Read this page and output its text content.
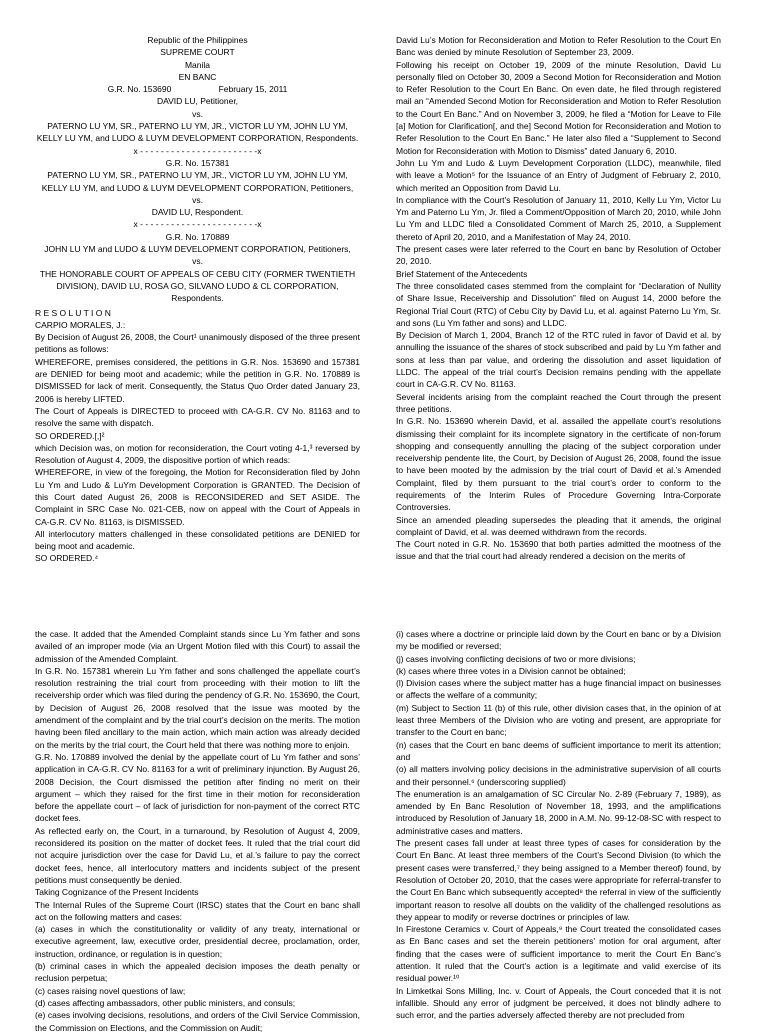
Republic of the Philippines

SUPREME COURT

Manila

EN BANC

G.R. No. 153690                    February 15, 2011

DAVID LU, Petitioner,

vs.

PATERNO LU YM, SR., PATERNO LU YM, JR., VICTOR LU YM, JOHN LU YM, KELLY LU YM, and LUDO & LUYM DEVELOPMENT CORPORATION, Respondents.

x - - - - - - - - - - - - - - - - - - - - - - -x

G.R. No. 157381

PATERNO LU YM, SR., PATERNO LU YM, JR., VICTOR LU YM, JOHN LU YM, KELLY LU YM, and LUDO & LUYM DEVELOPMENT CORPORATION, Petitioners,

vs.

DAVID LU, Respondent.

x - - - - - - - - - - - - - - - - - - - - - - -x

G.R. No. 170889

JOHN LU YM and LUDO & LUYM DEVELOPMENT CORPORATION, Petitioners,

vs.

THE HONORABLE COURT OF APPEALS OF CEBU CITY (FORMER TWENTIETH DIVISION), DAVID LU, ROSA GO, SILVANO LUDO & CL CORPORATION, Respondents.

R E S O L U T I O N

CARPIO MORALES, J.:

By Decision of August 26, 2008, the Court¹ unanimously disposed of the three present petitions as follows:

WHEREFORE, premises considered, the petitions in G.R. Nos. 153690 and 157381 are DENIED for being moot and academic; while the petition in G.R. No. 170889 is DISMISSED for lack of merit. Consequently, the Status Quo Order dated January 23, 2006 is hereby LIFTED.

The Court of Appeals is DIRECTED to proceed with CA-G.R. CV No. 81163 and to resolve the same with dispatch.

SO ORDERED.[,]²

which Decision was, on motion for reconsideration, the Court voting 4-1,³ reversed by Resolution of August 4, 2009, the dispositive portion of which reads:

WHEREFORE, in view of the foregoing, the Motion for Reconsideration filed by John Lu Ym and Ludo & LuYm Development Corporation is GRANTED. The Decision of this Court dated August 26, 2008 is RECONSIDERED and SET ASIDE. The Complaint in SRC Case No. 021-CEB, now on appeal with the Court of Appeals in CA-G.R. CV No. 81163, is DISMISSED.

All interlocutory matters challenged in these consolidated petitions are DENIED for being moot and academic.

SO ORDERED.⁴

David Lu’s Motion for Reconsideration and Motion to Refer Resolution to the Court En Banc was denied by minute Resolution of September 23, 2009.

Following his receipt on October 19, 2009 of the minute Resolution, David Lu personally filed on October 30, 2009 a Second Motion for Reconsideration and Motion to Refer Resolution to the Court En Banc. On even date, he filed through registered mail an “Amended Second Motion for Reconsideration and Motion to Refer Resolution to the Court En Banc.” And on November 3, 2009, he filed a “Motion for Leave to File [a] Motion for Clarification[, and the] Second Motion for Reconsideration and Motion to Refer Resolution to the Court En Banc.” He later also filed a “Supplement to Second Motion for Reconsideration with Motion to Dismiss” dated January 6, 2010.

John Lu Ym and Ludo & Luym Development Corporation (LLDC), meanwhile, filed with leave a Motion⁵ for the Issuance of an Entry of Judgment of February 2, 2010, which merited an Opposition from David Lu.

In compliance with the Court’s Resolution of January 11, 2010, Kelly Lu Ym, Victor Lu Ym and Paterno Lu Ym, Jr. filed a Comment/Opposition of March 20, 2010, while John Lu Ym and LLDC filed a Consolidated Comment of March 25, 2010, a Supplement thereto of April 20, 2010, and a Manifestation of May 24, 2010.

The present cases were later referred to the Court en banc by Resolution of October 20, 2010.

Brief Statement of the Antecedents

The three consolidated cases stemmed from the complaint for “Declaration of Nullity of Share Issue, Receivership and Dissolution” filed on August 14, 2000 before the Regional Trial Court (RTC) of Cebu City by David Lu, et al. against Paterno Lu Ym, Sr. and sons (Lu Ym father and sons) and LLDC.

By Decision of March 1, 2004, Branch 12 of the RTC ruled in favor of David et al. by annulling the issuance of the shares of stock subscribed and paid by Lu Ym father and sons at less than par value, and ordering the dissolution and asset liquidation of LLDC. The appeal of the trial court’s Decision remains pending with the appellate court in CA-G.R. CV No. 81163.

Several incidents arising from the complaint reached the Court through the present three petitions.

In G.R. No. 153690 wherein David, et al. assailed the appellate court’s resolutions dismissing their complaint for its incomplete signatory in the certificate of non-forum shopping and consequently annulling the placing of the subject corporation under receivership pendente lite, the Court, by Decision of August 26, 2008, found the issue to have been mooted by the admission by the trial court of David et al.’s Amended Complaint, filed by them pursuant to the trial court’s order to conform to the requirements of the Interim Rules of Procedure Governing Intra-Corporate Controversies.

Since an amended pleading supersedes the pleading that it amends, the original complaint of David, et al. was deemed withdrawn from the records.

The Court noted in G.R. No. 153690 that both parties admitted the mootness of the issue and that the trial court had already rendered a decision on the merits of

the case. It added that the Amended Complaint stands since Lu Ym father and sons availed of an improper mode (via an Urgent Motion filed with this Court) to assail the admission of the Amended Complaint.

In G.R. No. 157381 wherein Lu Ym father and sons challenged the appellate court’s resolution restraining the trial court from proceeding with their motion to lift the receivership order which was filed during the pendency of G.R. No. 153690, the Court, by Decision of August 26, 2008 resolved that the issue was mooted by the amendment of the complaint and by the trial court’s decision on the merits. The motion having been filed ancillary to the main action, which main action was already decided on the merits by the trial court, the Court held that there was nothing more to enjoin.

G.R. No. 170889 involved the denial by the appellate court of Lu Ym father and sons’ application in CA-G.R. CV No. 81163 for a writ of preliminary injunction. By August 26, 2008 Decision, the Court dismissed the petition after finding no merit on their argument – which they raised for the first time in their motion for reconsideration before the appellate court – of lack of jurisdiction for non-payment of the correct RTC docket fees.

As reflected early on, the Court, in a turnaround, by Resolution of August 4, 2009, reconsidered its position on the matter of docket fees. It ruled that the trial court did not acquire jurisdiction over the case for David Lu, et al.’s failure to pay the correct docket fees, hence, all interlocutory matters and incidents subject of the present petitions must consequently be denied.

Taking Cognizance of the Present Incidents

The Internal Rules of the Supreme Court (IRSC) states that the Court en banc shall act on the following matters and cases:

(a) cases in which the constitutionality or validity of any treaty, international or executive agreement, law, executive order, presidential decree, proclamation, order, instruction, ordinance, or regulation is in question;

(b) criminal cases in which the appealed decision imposes the death penalty or reclusion perpetua;

(c) cases raising novel questions of law;

(d) cases affecting ambassadors, other public ministers, and consuls;

(e) cases involving decisions, resolutions, and orders of the Civil Service Commission, the Commission on Elections, and the Commission on Audit;

(i) cases where a doctrine or principle laid down by the Court en banc or by a Division my be modified or reversed;

(j) cases involving conflicting decisions of two or more divisions;

(k) cases where three votes in a Division cannot be obtained;

(l) Division cases where the subject matter has a huge financial impact on businesses or affects the welfare of a community;

(m) Subject to Section 11 (b) of this rule, other division cases that, in the opinion of at least three Members of the Division who are voting and present, are appropriate for transfer to the Court en banc;

(n) cases that the Court en banc deems of sufficient importance to merit its attention; and

(o) all matters involving policy decisions in the administrative supervision of all courts and their personnel.⁶ (underscoring supplied)

The enumeration is an amalgamation of SC Circular No. 2-89 (February 7, 1989), as amended by En Banc Resolution of November 18, 1993, and the amplifications introduced by Resolution of January 18, 2000 in A.M. No. 99-12-08-SC with respect to administrative cases and matters.

The present cases fall under at least three types of cases for consideration by the Court En Banc. At least three members of the Court’s Second Division (to which the present cases were transferred,⁷ they being assigned to a Member thereof) found, by Resolution of October 20, 2010, that the cases were appropriate for referral-transfer to the Court En Banc which subsequently accepted⁸ the referral in view of the sufficiently important reason to resolve all doubts on the validity of the challenged resolutions as they appear to modify or reverse doctrines or principles of law.

In Firestone Ceramics v. Court of Appeals,⁹ the Court treated the consolidated cases as En Banc cases and set the therein petitioners’ motion for oral argument, after finding that the cases were of sufficient importance to merit the Court En Banc’s attention. It ruled that the Court’s action is a legitimate and valid exercise of its residual power.¹⁰

In Limketkai Sons Milling, Inc. v. Court of Appeals, the Court conceded that it is not infallible. Should any error of judgment be perceived, it does not blindly adhere to such error, and the parties adversely affected thereby are not precluded from
